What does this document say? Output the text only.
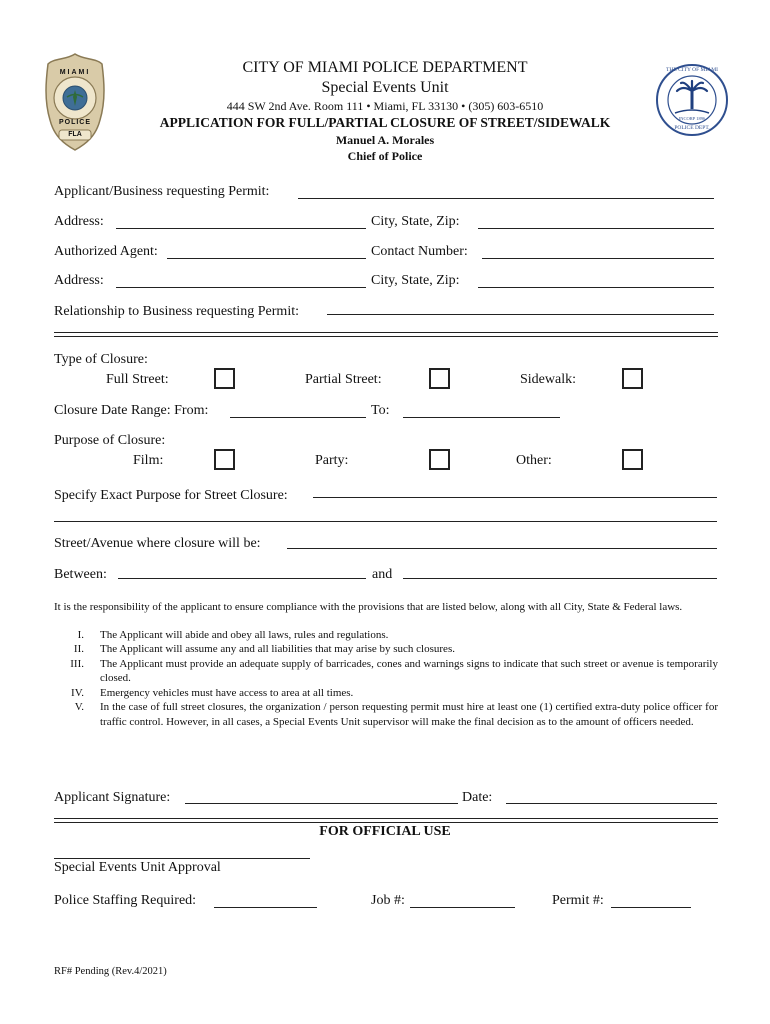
MIAMI
POLICE
FLA
THE CITY OF MIAMI
INCORP 1896
POLICE DEPT.
CITY OF MIAMI POLICE DEPARTMENT
Special Events Unit
444 SW 2nd Ave. Room 111 • Miami, FL 33130 • (305) 603-6510
APPLICATION FOR FULL/PARTIAL CLOSURE OF STREET/SIDEWALK
Manuel A. Morales
Chief of Police
Applicant/Business requesting Permit:
Address:	City, State, Zip:
Authorized Agent:	Contact Number:
Address:	City, State, Zip:
Relationship to Business requesting Permit:
Type of Closure:
Full Street:	Partial Street:	Sidewalk:
Closure Date Range: From:	To:
Purpose of Closure:
Film:	Party:	Other:
Specify Exact Purpose for Street Closure:
Street/Avenue where closure will be:
Between:	and
It is the responsibility of the applicant to ensure compliance with the provisions that are listed below, along with all City, State & Federal laws.
I.	The Applicant will abide and obey all laws, rules and regulations.
II.	The Applicant will assume any and all liabilities that may arise by such closures.
III.	The Applicant must provide an adequate supply of barricades, cones and warnings signs to indicate that such street or avenue is temporarily closed.
IV.	Emergency vehicles must have access to area at all times.
V.	In the case of full street closures, the organization / person requesting permit must hire at least one (1) certified extra-duty police officer for traffic control. However, in all cases, a Special Events Unit supervisor will make the final decision as to the amount of officers needed.
Applicant Signature:	Date:
FOR OFFICIAL USE
Special Events Unit Approval
Police Staffing Required:	Job #:	Permit #:
RF# Pending (Rev.4/2021)
